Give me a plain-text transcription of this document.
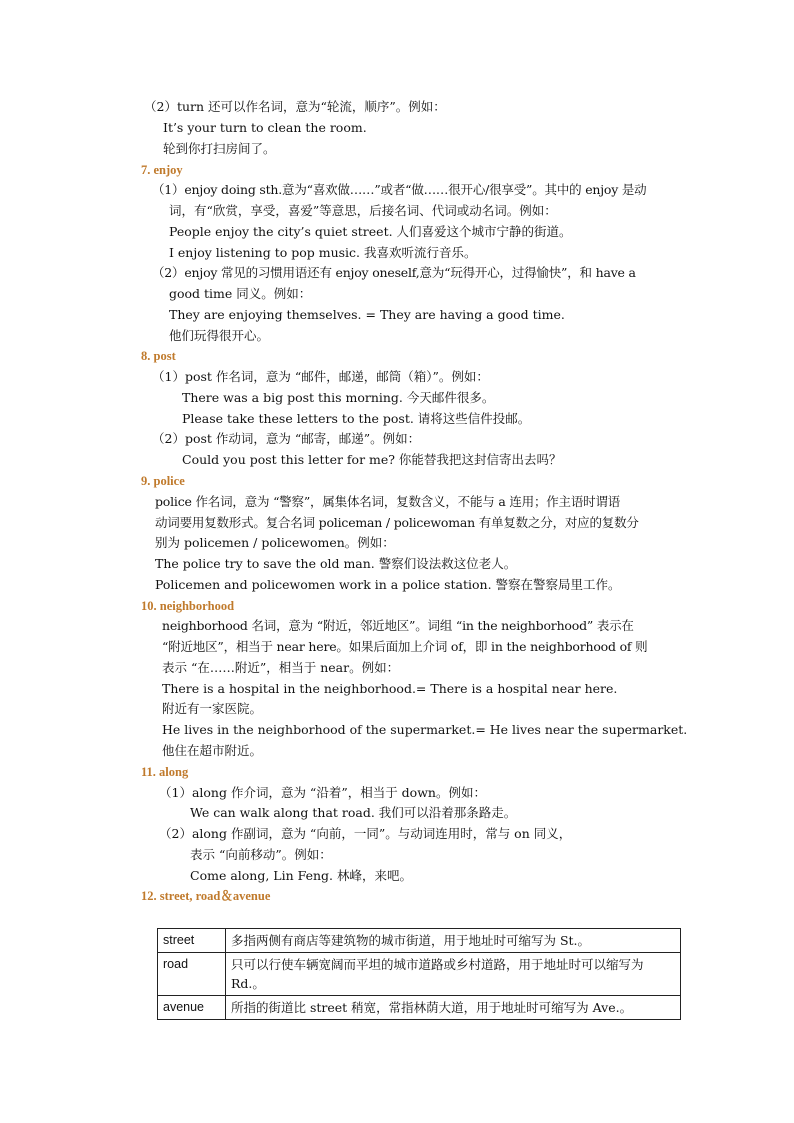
（2）turn 还可以作名词，意为“轮流，顺序”。例如：
It’s your turn to clean the room.
轮到你打扫房间了。
7. enjoy
（1）enjoy doing sth.意为“喜欢做……”或者“做……很开心/很享受”。其中的 enjoy 是动
词，有“欣赏，享受，喜爱”等意思，后接名词、代词或动名词。例如：
People enjoy the city’s quiet street. 人们喜爱这个城市宁静的街道。
I enjoy listening to pop music. 我喜欢听流行音乐。
（2）enjoy 常见的习惯用语还有 enjoy oneself,意为“玩得开心，过得愉快”，和 have a
good time 同义。例如：
They are enjoying themselves. = They are having a good time.
他们玩得很开心。
8. post
（1）post 作名词，意为 “邮件，邮递，邮筒（箱）”。例如：
There was a big post this morning. 今天邮件很多。
Please take these letters to the post. 请将这些信件投邮。
（2）post 作动词，意为 “邮寄，邮递”。例如：
Could you post this letter for me? 你能替我把这封信寄出去吗？
9. police
police 作名词，意为 “警察”，属集体名词，复数含义，不能与 a 连用；作主语时谓语
动词要用复数形式。复合名词 policeman / policewoman 有单复数之分，对应的复数分
别为 policemen / policewomen。例如：
The police try to save the old man. 警察们设法救这位老人。
Policemen and policewomen work in a police station. 警察在警察局里工作。
10. neighborhood
neighborhood 名词，意为 “附近，邻近地区”。词组 “in the neighborhood” 表示在
“附近地区”，相当于 near here。如果后面加上介词 of，即 in the neighborhood of 则
表示 “在……附近”，相当于 near。例如：
There is a hospital in the neighborhood.= There is a hospital near here.
附近有一家医院。
He lives in the neighborhood of the supermarket.= He lives near the supermarket.
他住在超市附近。
11. along
（1）along 作介词，意为 “沿着”，相当于 down。例如：
We can walk along that road. 我们可以沿着那条路走。
（2）along 作副词，意为 “向前，一同”。与动词连用时，常与 on 同义，
表示 “向前移动”。例如：
Come along, Lin Feng. 林峰，来吧。
12. street, road＆avenue
street	多指两侧有商店等建筑物的城市街道，用于地址时可缩写为 St.。
road	只可以行使车辆宽阔而平坦的城市道路或乡村道路，用于地址时可以缩写为 Rd.。
avenue	所指的街道比 street 稍宽，常指林荫大道，用于地址时可缩写为 Ave.。
